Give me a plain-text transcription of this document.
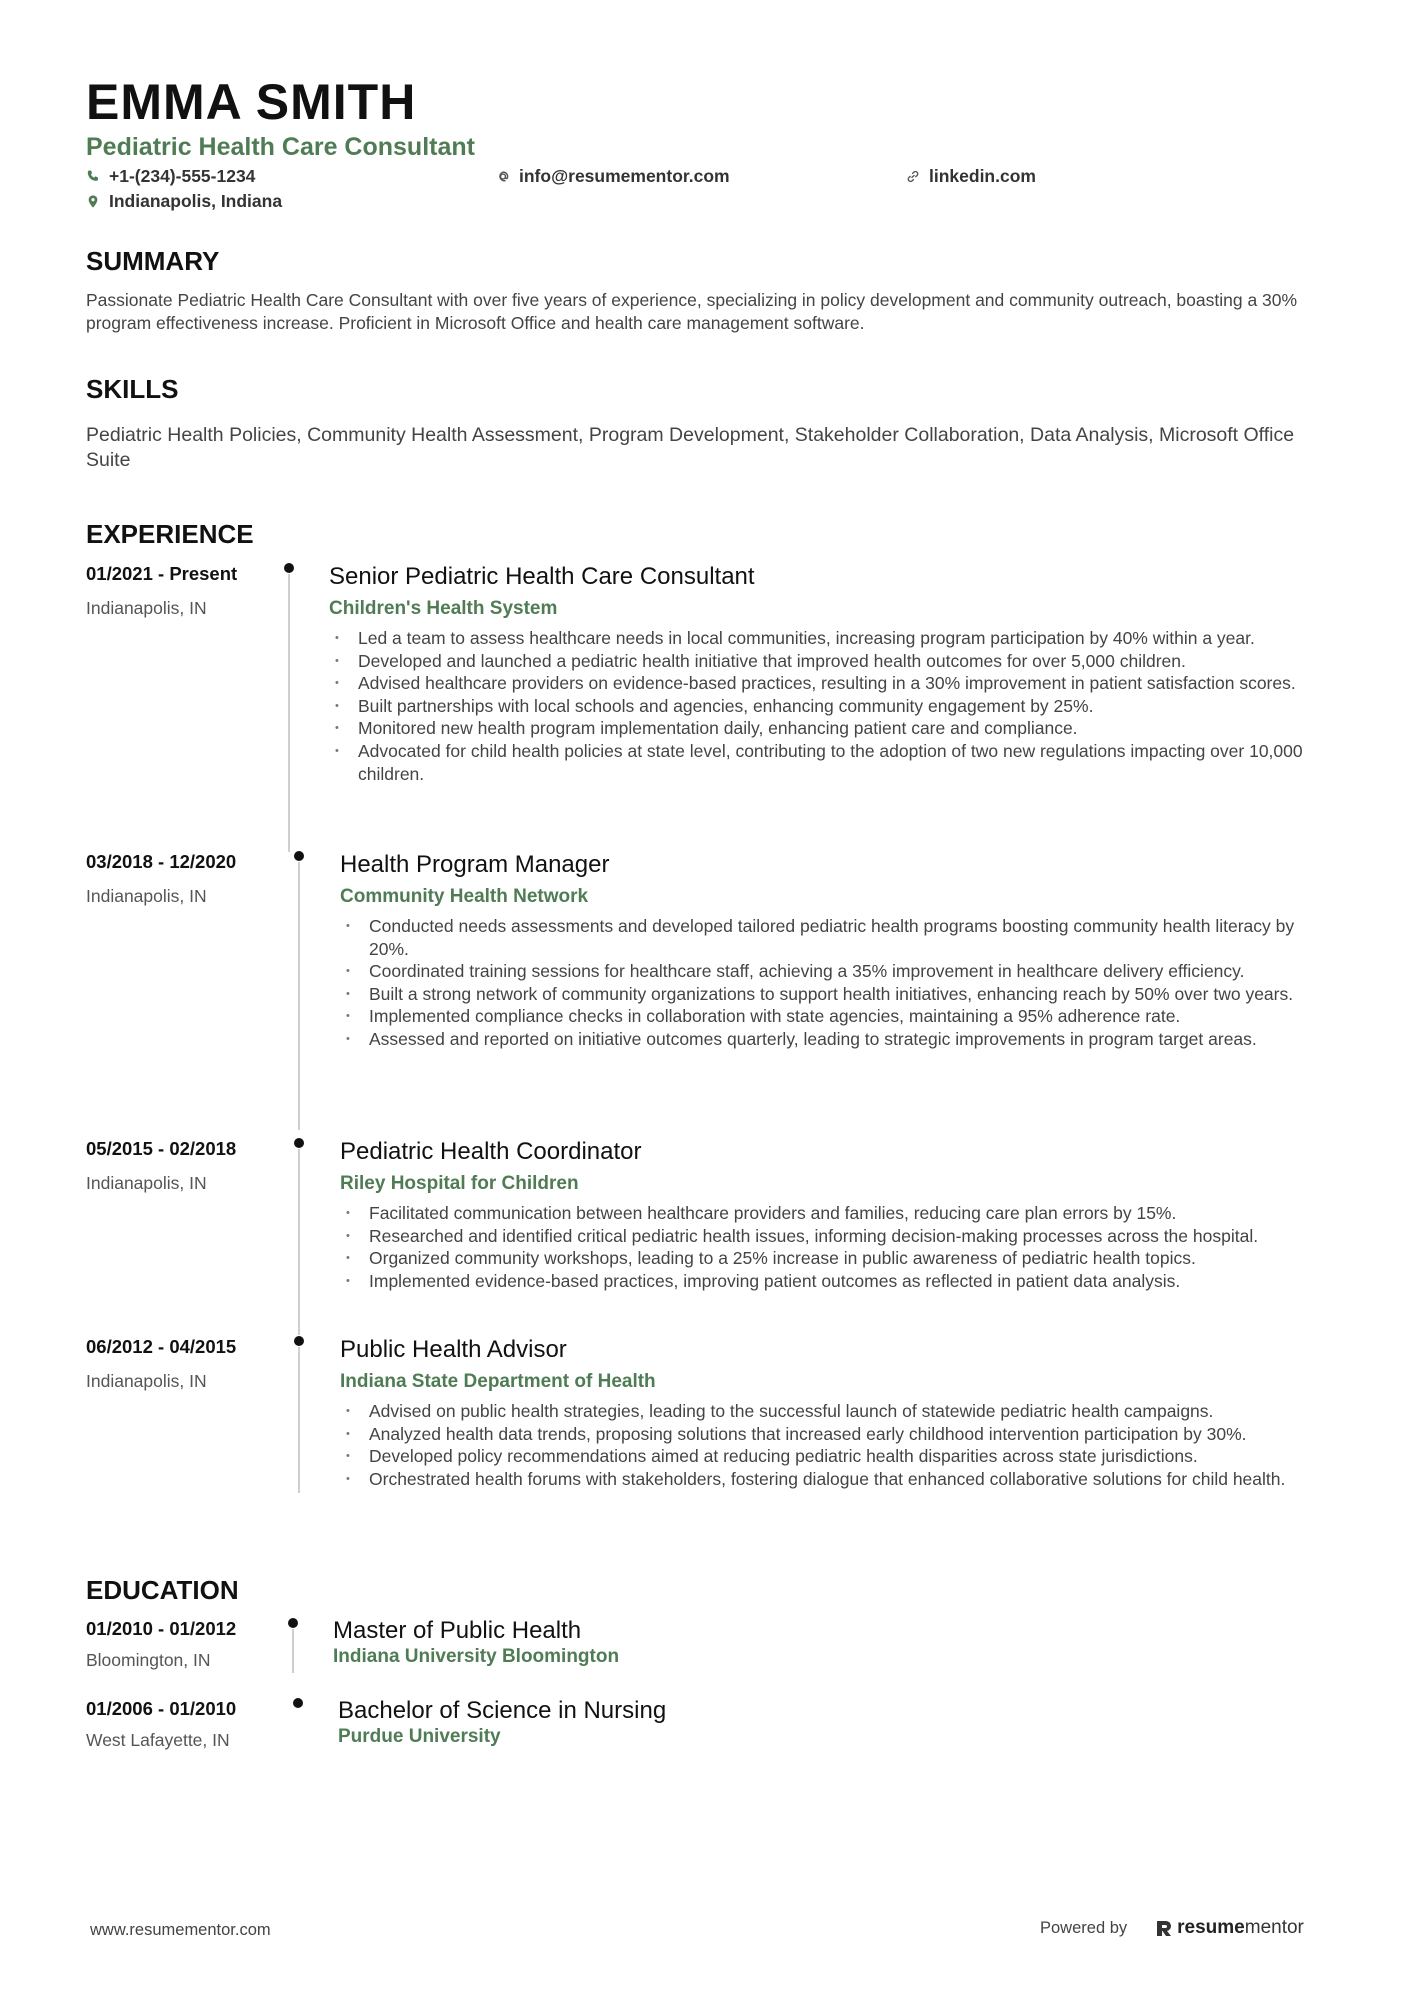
EMMA SMITH
Pediatric Health Care Consultant
+1-(234)-555-1234	info@resumementor.com	linkedin.com
Indianapolis, Indiana
SUMMARY
Passionate Pediatric Health Care Consultant with over five years of experience, specializing in policy development and community outreach, boasting a 30% program effectiveness increase. Proficient in Microsoft Office and health care management software.
SKILLS
Pediatric Health Policies, Community Health Assessment, Program Development, Stakeholder Collaboration, Data Analysis, Microsoft Office Suite
EXPERIENCE
01/2021 - Present
Indianapolis, IN
Senior Pediatric Health Care Consultant
Children's Health System
• Led a team to assess healthcare needs in local communities, increasing program participation by 40% within a year.
• Developed and launched a pediatric health initiative that improved health outcomes for over 5,000 children.
• Advised healthcare providers on evidence-based practices, resulting in a 30% improvement in patient satisfaction scores.
• Built partnerships with local schools and agencies, enhancing community engagement by 25%.
• Monitored new health program implementation daily, enhancing patient care and compliance.
• Advocated for child health policies at state level, contributing to the adoption of two new regulations impacting over 10,000 children.
03/2018 - 12/2020
Indianapolis, IN
Health Program Manager
Community Health Network
• Conducted needs assessments and developed tailored pediatric health programs boosting community health literacy by 20%.
• Coordinated training sessions for healthcare staff, achieving a 35% improvement in healthcare delivery efficiency.
• Built a strong network of community organizations to support health initiatives, enhancing reach by 50% over two years.
• Implemented compliance checks in collaboration with state agencies, maintaining a 95% adherence rate.
• Assessed and reported on initiative outcomes quarterly, leading to strategic improvements in program target areas.
05/2015 - 02/2018
Indianapolis, IN
Pediatric Health Coordinator
Riley Hospital for Children
• Facilitated communication between healthcare providers and families, reducing care plan errors by 15%.
• Researched and identified critical pediatric health issues, informing decision-making processes across the hospital.
• Organized community workshops, leading to a 25% increase in public awareness of pediatric health topics.
• Implemented evidence-based practices, improving patient outcomes as reflected in patient data analysis.
06/2012 - 04/2015
Indianapolis, IN
Public Health Advisor
Indiana State Department of Health
• Advised on public health strategies, leading to the successful launch of statewide pediatric health campaigns.
• Analyzed health data trends, proposing solutions that increased early childhood intervention participation by 30%.
• Developed policy recommendations aimed at reducing pediatric health disparities across state jurisdictions.
• Orchestrated health forums with stakeholders, fostering dialogue that enhanced collaborative solutions for child health.
EDUCATION
01/2010 - 01/2012
Bloomington, IN
Master of Public Health
Indiana University Bloomington
01/2006 - 01/2010
West Lafayette, IN
Bachelor of Science in Nursing
Purdue University
www.resumementor.com	Powered by	resumementor
